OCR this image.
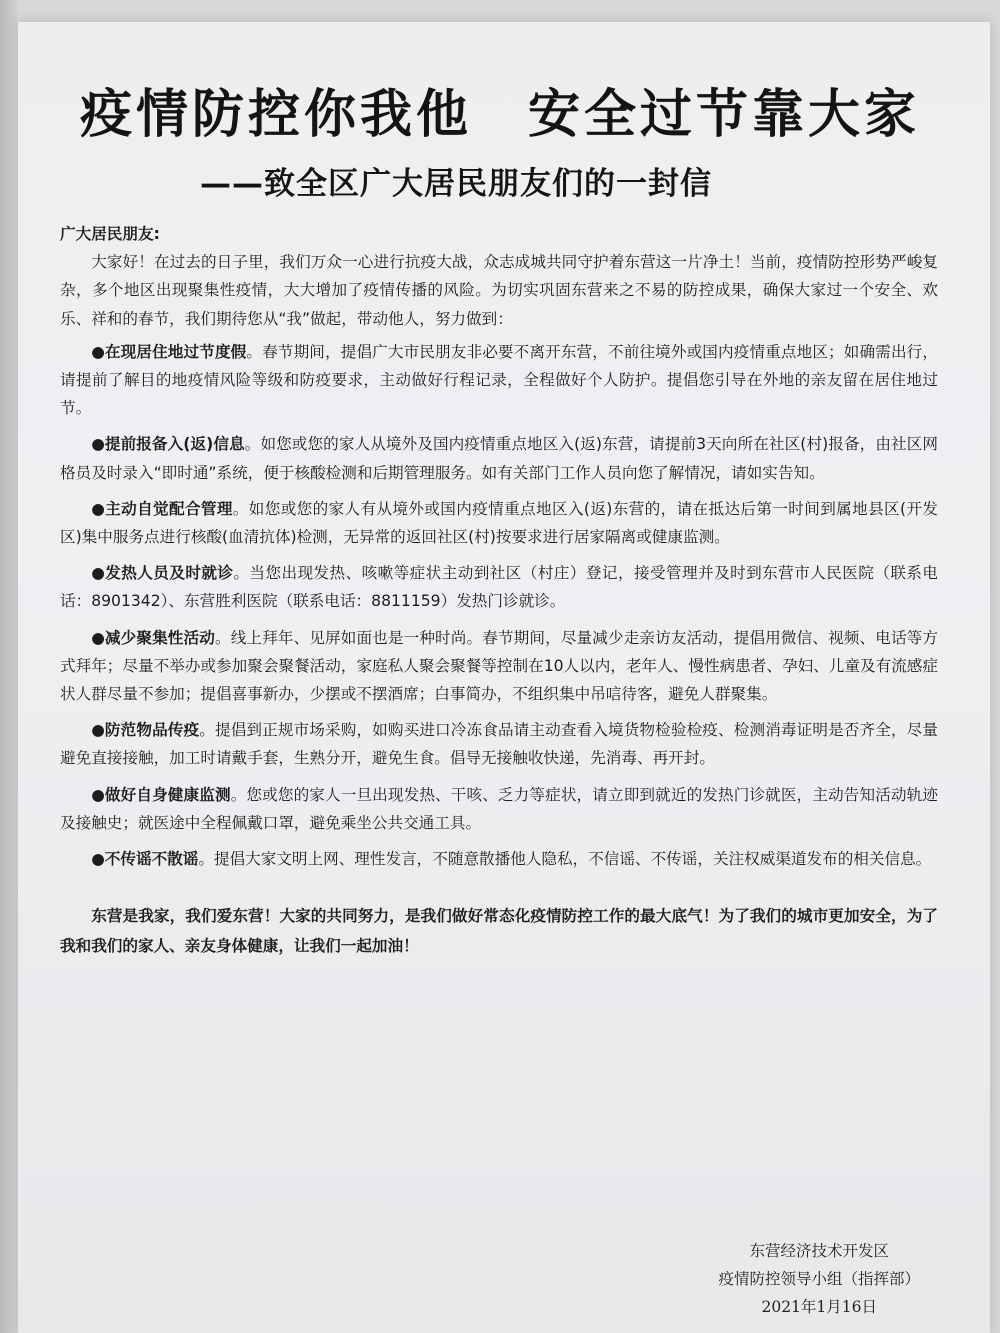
疫情防控你我他　安全过节靠大家
——致全区广大居民朋友们的一封信

广大居民朋友:

大家好！在过去的日子里，我们万众一心进行抗疫大战，众志成城共同守护着东营这一片净土！当前，疫情防控形势严峻复杂，多个地区出现聚集性疫情，大大增加了疫情传播的风险。为切实巩固东营来之不易的防控成果，确保大家过一个安全、欢乐、祥和的春节，我们期待您从“我”做起，带动他人，努力做到：

●在现居住地过节度假。春节期间，提倡广大市民朋友非必要不离开东营，不前往境外或国内疫情重点地区；如确需出行，请提前了解目的地疫情风险等级和防疫要求，主动做好行程记录，全程做好个人防护。提倡您引导在外地的亲友留在居住地过节。

●提前报备入(返)信息。如您或您的家人从境外及国内疫情重点地区入(返)东营，请提前3天向所在社区(村)报备，由社区网格员及时录入“即时通”系统，便于核酸检测和后期管理服务。如有关部门工作人员向您了解情况，请如实告知。

●主动自觉配合管理。如您或您的家人有从境外或国内疫情重点地区入(返)东营的，请在抵达后第一时间到属地县区(开发区)集中服务点进行核酸(血清抗体)检测，无异常的返回社区(村)按要求进行居家隔离或健康监测。

●发热人员及时就诊。当您出现发热、咳嗽等症状主动到社区（村庄）登记，接受管理并及时到东营市人民医院（联系电话：8901342）、东营胜利医院（联系电话：8811159）发热门诊就诊。

●减少聚集性活动。线上拜年、见屏如面也是一种时尚。春节期间，尽量减少走亲访友活动，提倡用微信、视频、电话等方式拜年；尽量不举办或参加聚会聚餐活动，家庭私人聚会聚餐等控制在10人以内，老年人、慢性病患者、孕妇、儿童及有流感症状人群尽量不参加；提倡喜事新办，少摆或不摆酒席；白事简办，不组织集中吊唁待客，避免人群聚集。

●防范物品传疫。提倡到正规市场采购，如购买进口冷冻食品请主动查看入境货物检验检疫、检测消毒证明是否齐全，尽量避免直接接触，加工时请戴手套，生熟分开，避免生食。倡导无接触收快递，先消毒、再开封。

●做好自身健康监测。您或您的家人一旦出现发热、干咳、乏力等症状，请立即到就近的发热门诊就医，主动告知活动轨迹及接触史；就医途中全程佩戴口罩，避免乘坐公共交通工具。

●不传谣不散谣。提倡大家文明上网、理性发言，不随意散播他人隐私，不信谣、不传谣，关注权威渠道发布的相关信息。

东营是我家，我们爱东营！大家的共同努力，是我们做好常态化疫情防控工作的最大底气！为了我们的城市更加安全，为了我和我们的家人、亲友身体健康，让我们一起加油！

东营经济技术开发区
疫情防控领导小组（指挥部）
2021年1月16日
